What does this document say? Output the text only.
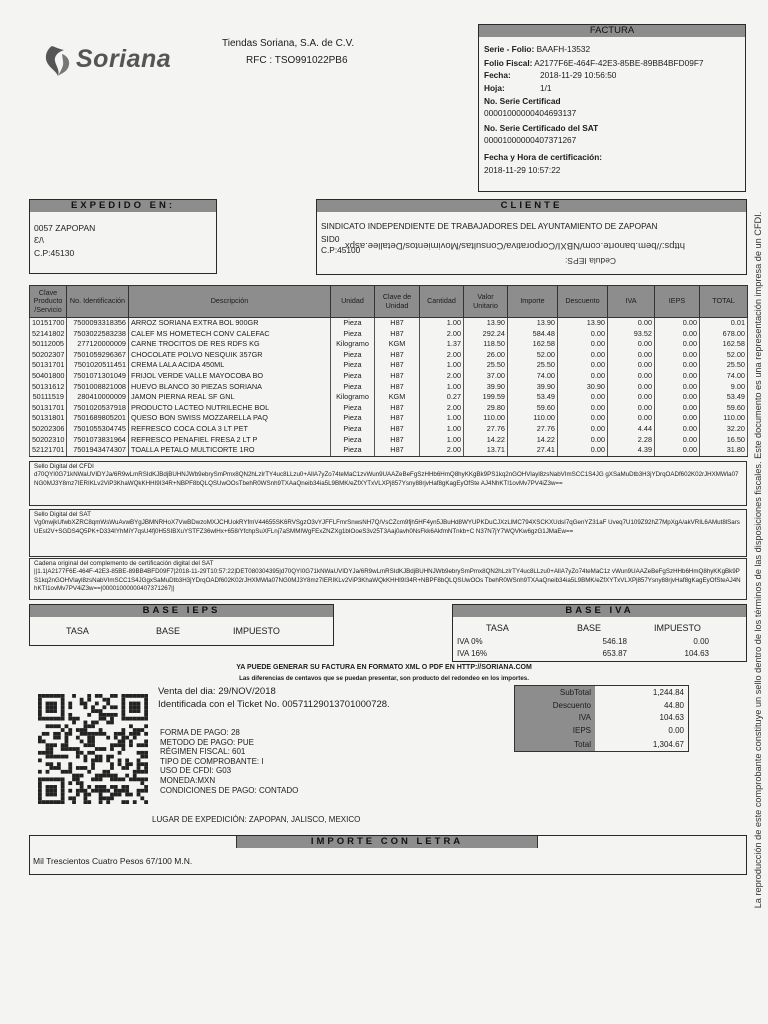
Soriana
Tiendas Soriana, S.A. de C.V.
RFC : TSO991022PB6
FACTURA
Serie - Folio: BAAFH-13532
Folio Fiscal: A2177F6E-464F-42E3-85BE-89BB4BFD09F7
Fecha:	2018-11-29 10:56:50
Hoja:	1/1
No. Serie Certificad
00001000000404693137
No. Serie Certificado del SAT
00001000000407371267
Fecha y Hora de certificación:
2018-11-29 10:57:22
EXPEDIDO EN:
0057 ZAPOPAN
Ɛ/\
C.P:45130
CLIENTE
SINDICATO INDEPENDIENTE DE TRABAJADORES DEL AYUNTAMIENTO DE ZAPOPAN
SID0
C.P:45100
https://bem.banorte.com/NBXI/Corporativa/Consultas/Movimientos/Detallee.aspx
Cedula IEPS:
Clave Producto /Servicio	No. Identificación	Descripción	Unidad	Clave de Unidad	Cantidad	Valor Unitario	Importe	Descuento	IVA	IEPS	TOTAL
10151700	7500093318356	ARROZ SORIANA EXTRA BOL 900GR	Pieza	H87	1.00	13.90	13.90	13.90	0.00	0.00	0.01
52141802	7503022583238	CALEF MS HOMETECH CONV CALEFAC	Pieza	H87	2.00	292.24	584.48	0.00	93.52	0.00	678.00
50112005	277120000009	CARNE TROCITOS DE RES RDFS KG	Kilogramo	KGM	1.37	118.50	162.58	0.00	0.00	0.00	162.58
50202307	7501059296367	CHOCOLATE POLVO NESQUIK 357GR	Pieza	H87	2.00	26.00	52.00	0.00	0.00	0.00	52.00
50131701	7501020511451	CREMA LALA ACIDA 450ML	Pieza	H87	1.00	25.50	25.50	0.00	0.00	0.00	25.50
50401800	7501071301049	FRIJOL VERDE VALLE MAYOCOBA BO	Pieza	H87	2.00	37.00	74.00	0.00	0.00	0.00	74.00
50131612	7501008821008	HUEVO BLANCO 30 PIEZAS SORIANA	Pieza	H87	1.00	39.90	39.90	30.90	0.00	0.00	9.00
50111519	280410000009	JAMON PIERNA REAL SF GNL	Kilogramo	KGM	0.27	199.59	53.49	0.00	0.00	0.00	53.49
50131701	7501020537918	PRODUCTO LACTEO NUTRILECHE BOL	Pieza	H87	2.00	29.80	59.60	0.00	0.00	0.00	59.60
50131801	7501689805201	QUESO BON SWISS MOZZARELLA PAQ	Pieza	H87	1.00	110.00	110.00	0.00	0.00	0.00	110.00
50202306	7501055304745	REFRESCO COCA COLA 3 LT PET	Pieza	H87	1.00	27.76	27.76	0.00	4.44	0.00	32.20
50202310	7501073831964	REFRESCO PENAFIEL FRESA 2 LT P	Pieza	H87	1.00	14.22	14.22	0.00	2.28	0.00	16.50
52121701	7501943474307	TOALLA PETALO MULTICORTE 1RO	Pieza	H87	2.00	13.71	27.41	0.00	4.39	0.00	31.80
Sello Digital del CFDI
d70QYI0G71kNWaUVIDYJa/6R9wLmRSIdKJBdjBUHNJWb9ebrySmPmx8QN2hLzIrTY4uc8LLzu0+AllA7yZo74teMaC1zvWun9UAAZeBeFgSzHHb6HmQ8hyKKgBk9PS1kq2nGOHVlayl8zsNabVImSCC1S4JG gXSaMuDtb3H3jYDrqOADf602K02rJHXMWla07NG0MJ3Y8mz7IERIKLv2ViP3KhaWQkKHHI9I34R+NBPF8bQLQSUwOOsTbehR0WSnh9TXAaQneib34ia5L9BMK/eZfXYTxVLXPj857Ysny88rjvHaf8gKagEyOfSte AJ4NhKTI1ovMv7PV4iZ3w==
Sello Digital del SAT
Vg0nwjkUfwbXZRC8qmWsWuAvwBYgJBMNRHoX7VwBDwzoMXJCHUokRYfmV44655SK6RVSgzO3vYJFFLFmrSnwsNH7Q/VsCZcm9fjh5HF4yn5JBuHd8WYUPKDuCJXzLlMC794XSCKXUdsI7qGenYZ31aF Uveq7U109Z92hZ7MpXgA/akVRIL6AMut8lSarsUEsl2V+SGDS4Q5PK+D334IYhMiY7qsU4fj0H5SIBXuYSTFZ36wlHx+658/YfchpSuXFLnj7aSMMIWgFExZNZXg1bIOoeS3v25T3Aaj0avh0NsFkk6AkfmNTnkb+C N37N7jY7WQVKw6gzG1JMaEw==
Cadena original del complemento de certificación digital del SAT
||1.1|A2177F6E-464F-42E3-85BE-89BB4BFD09F7|2018-11-29T10:57:22|DET080304395|d70QYI0G71kNWaUVIDYJa/6R9wLmRSIdKJBdjBUHNJWb9ebrySmPmx8QN2hLzIrTY4uc8LLzu0+AllA7yZo74teMaC1z vWun9UAAZeBeFgSzHHb6HmQ8hyKKgBk9PS1kq2nGOHVlayl8zsNabVImSCC1S4JGgxSaMuDtb3H3jYDrqOADf602K02rJHXMWla07NG0MJ3Y8mz7IERIKLv2ViP3KhaWQkKHHI9I34R+NBPF8bQLQSUwOOs TbehR0WSnh9TXAaQneib34ia5L9BMK/eZfXYTxVLXPj857Ysny88rjvHaf8gKagEyOfSteAJ4NhKTI1ovMv7PV4iZ3w==|00001000000407371267||
BASE IEPS
TASA	BASE	IMPUESTO
BASE IVA
TASA	BASE	IMPUESTO
IVA 0%	546.18	0.00
IVA 16%	653.87	104.63
YA PUEDE GENERAR SU FACTURA EN FORMATO XML O PDF EN HTTP://SORIANA.COM
Las diferencias de centavos que se puedan presentar, son producto del redondeo en los importes.
Venta del dia: 29/NOV/2018
Identificada con el Ticket No. 00571129013701000728.
FORMA DE PAGO: 28
METODO DE PAGO: PUE
RÉGIMEN FISCAL: 601
TIPO DE COMPROBANTE: I
USO DE CFDI: G03
MONEDA:MXN
CONDICIONES DE PAGO: CONTADO
LUGAR DE EXPEDICIÓN: ZAPOPAN, JALISCO, MEXICO
SubTotal	1,244.84
Descuento	44.80
IVA	104.63
IEPS	0.00
Total	1,304.67
IMPORTE CON LETRA
Mil Trescientos Cuatro Pesos 67/100 M.N.	La reproducción de este comprobante constituye un sello dentro de los términos de las disposiciones fiscales. Este documento es una representación impresa de un CFDI.
